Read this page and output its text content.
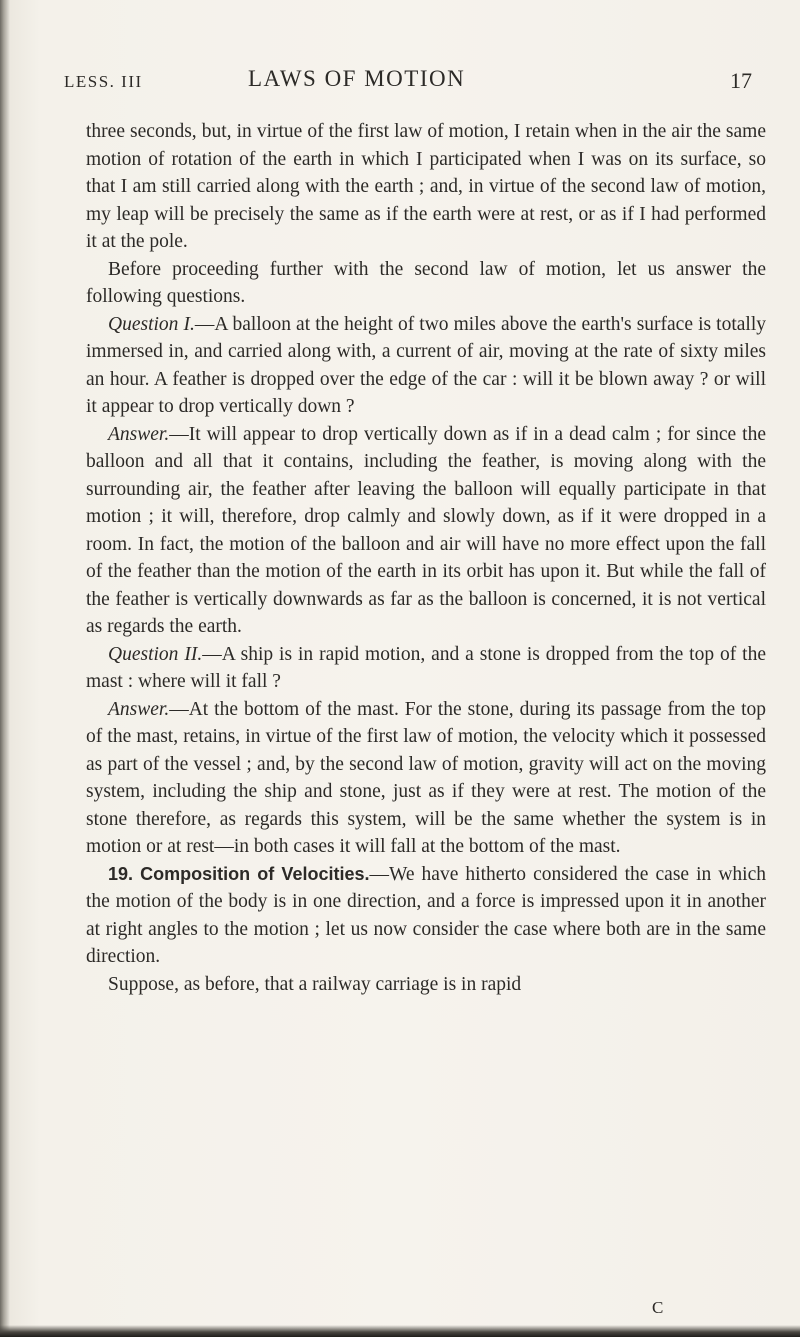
LESS. III	LAWS OF MOTION	17

three seconds, but, in virtue of the first law of motion, I retain when in the air the same motion of rotation of the earth in which I participated when I was on its surface, so that I am still carried along with the earth ; and, in virtue of the second law of motion, my leap will be precisely the same as if the earth were at rest, or as if I had performed it at the pole.

Before proceeding further with the second law of motion, let us answer the following questions.

Question I.—A balloon at the height of two miles above the earth's surface is totally immersed in, and carried along with, a current of air, moving at the rate of sixty miles an hour. A feather is dropped over the edge of the car : will it be blown away ? or will it appear to drop vertically down ?

Answer.—It will appear to drop vertically down as if in a dead calm ; for since the balloon and all that it contains, including the feather, is moving along with the surrounding air, the feather after leaving the balloon will equally participate in that motion ; it will, therefore, drop calmly and slowly down, as if it were dropped in a room. In fact, the motion of the balloon and air will have no more effect upon the fall of the feather than the motion of the earth in its orbit has upon it. But while the fall of the feather is vertically downwards as far as the balloon is concerned, it is not vertical as regards the earth.

Question II.—A ship is in rapid motion, and a stone is dropped from the top of the mast : where will it fall ?

Answer.—At the bottom of the mast. For the stone, during its passage from the top of the mast, retains, in virtue of the first law of motion, the velocity which it possessed as part of the vessel ; and, by the second law of motion, gravity will act on the moving system, including the ship and stone, just as if they were at rest. The motion of the stone therefore, as regards this system, will be the same whether the system is in motion or at rest—in both cases it will fall at the bottom of the mast.

19. Composition of Velocities.—We have hitherto considered the case in which the motion of the body is in one direction, and a force is impressed upon it in another at right angles to the motion ; let us now consider the case where both are in the same direction.

Suppose, as before, that a railway carriage is in rapid

C
